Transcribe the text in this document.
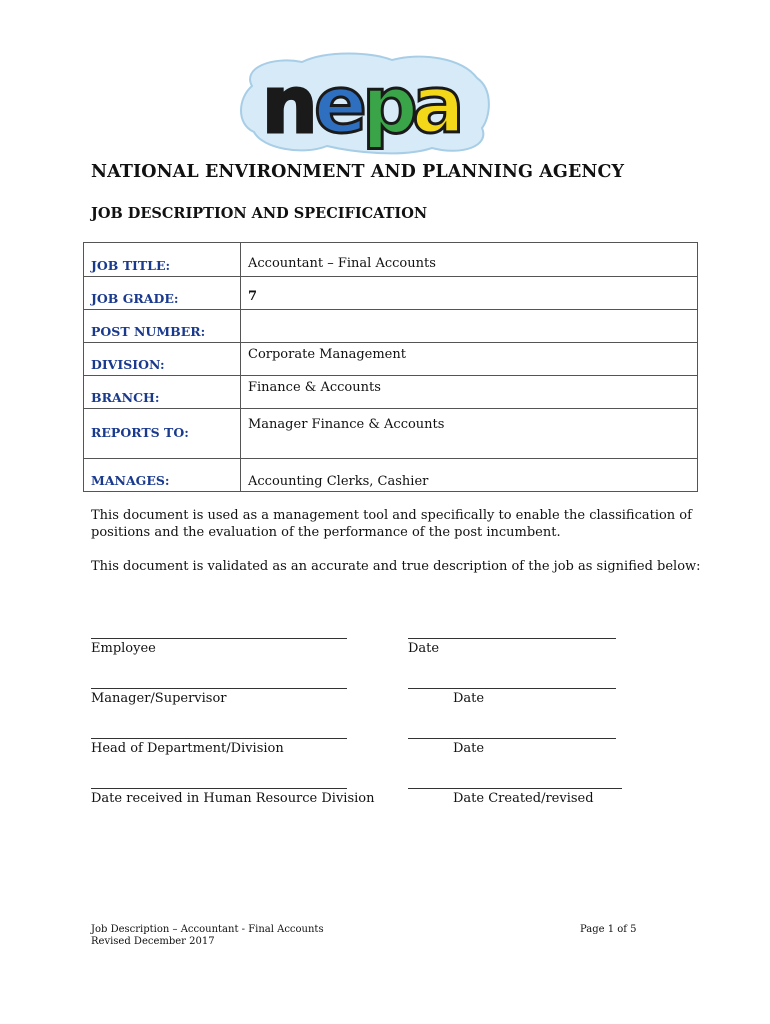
n
e
p
a
NATIONAL ENVIRONMENT AND PLANNING AGENCY
JOB DESCRIPTION AND SPECIFICATION
JOB TITLE:	Accountant – Final Accounts
JOB GRADE:	7
POST NUMBER:	
DIVISION:	Corporate Management
BRANCH:	Finance & Accounts
REPORTS TO:	Manager Finance & Accounts
MANAGES:	Accounting Clerks, Cashier

This document is used as a management tool and specifically to enable the classification of positions and the evaluation of the performance of the post incumbent.

This document is validated as an accurate and true description of the job as signified below:

Employee	Date
Manager/Supervisor	Date
Head of Department/Division	Date
Date received in Human Resource Division	Date Created/revised
Job Description – Accountant - Final Accounts
Revised December 2017
Page 1 of 5
